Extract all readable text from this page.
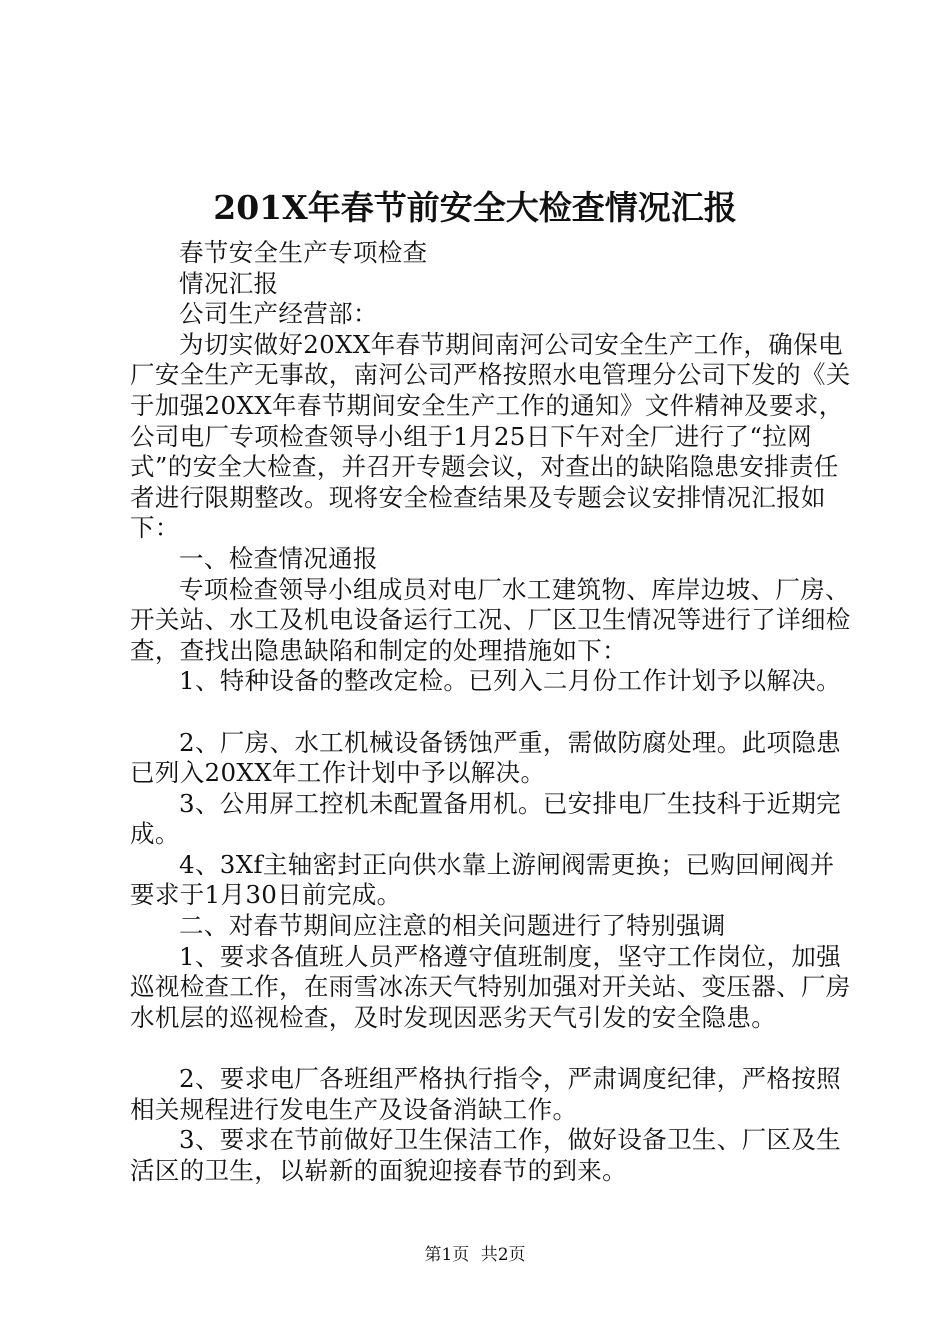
201X年春节前安全大检查情况汇报

春节安全生产专项检查

情况汇报

公司生产经营部：

为切实做好20XX年春节期间南河公司安全生产工作，确保电厂安全生产无事故，南河公司严格按照水电管理分公司下发的《关于加强20XX年春节期间安全生产工作的通知》文件精神及要求，公司电厂专项检查领导小组于1月25日下午对全厂进行了“拉网式”的安全大检查，并召开专题会议，对查出的缺陷隐患安排责任者进行限期整改。现将安全检查结果及专题会议安排情况汇报如下：

一、检查情况通报

专项检查领导小组成员对电厂水工建筑物、库岸边坡、厂房、开关站、水工及机电设备运行工况、厂区卫生情况等进行了详细检查，查找出隐患缺陷和制定的处理措施如下：

1、特种设备的整改定检。已列入二月份工作计划予以解决。

2、厂房、水工机械设备锈蚀严重，需做防腐处理。此项隐患已列入20XX年工作计划中予以解决。

3、公用屏工控机未配置备用机。已安排电厂生技科于近期完成。

4、3Xf主轴密封正向供水靠上游闸阀需更换；已购回闸阀并要求于1月30日前完成。

二、对春节期间应注意的相关问题进行了特别强调

1、要求各值班人员严格遵守值班制度，坚守工作岗位，加强巡视检查工作，在雨雪冰冻天气特别加强对开关站、变压器、厂房水机层的巡视检查，及时发现因恶劣天气引发的安全隐患。

2、要求电厂各班组严格执行指令，严肃调度纪律，严格按照相关规程进行发电生产及设备消缺工作。

3、要求在节前做好卫生保洁工作，做好设备卫生、厂区及生活区的卫生，以崭新的面貌迎接春节的到来。

第1页 共2页
